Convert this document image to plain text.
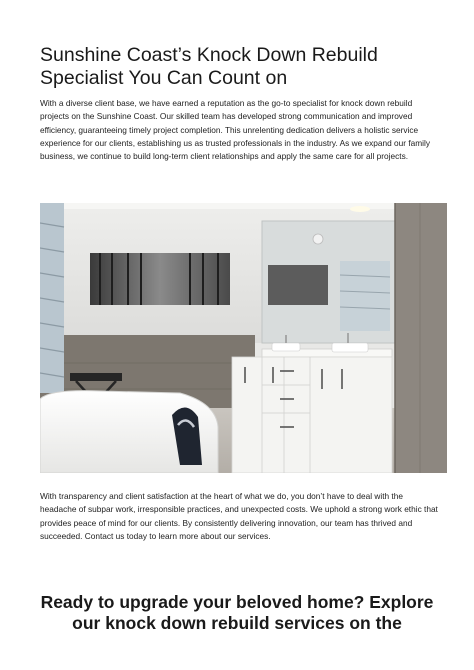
Sunshine Coast’s Knock Down Rebuild
Specialist You Can Count on

With a diverse client base, we have earned a reputation as the go-to specialist for knock down rebuild projects on the Sunshine Coast. Our skilled team has developed strong communication and improved efficiency, guaranteeing timely project completion. This unrelenting dedication delivers a holistic service experience for our clients, establishing us as trusted professionals in the industry. As we expand our family business, we continue to build long-term client relationships and apply the same care for all projects.

With transparency and client satisfaction at the heart of what we do, you don’t have to deal with the headache of subpar work, irresponsible practices, and unexpected costs. We uphold a strong work ethic that provides peace of mind for our clients. By consistently delivering innovation, our team has thrived and succeeded. Contact us today to learn more about our services.

Ready to upgrade your beloved home? Explore
our knock down rebuild services on the
